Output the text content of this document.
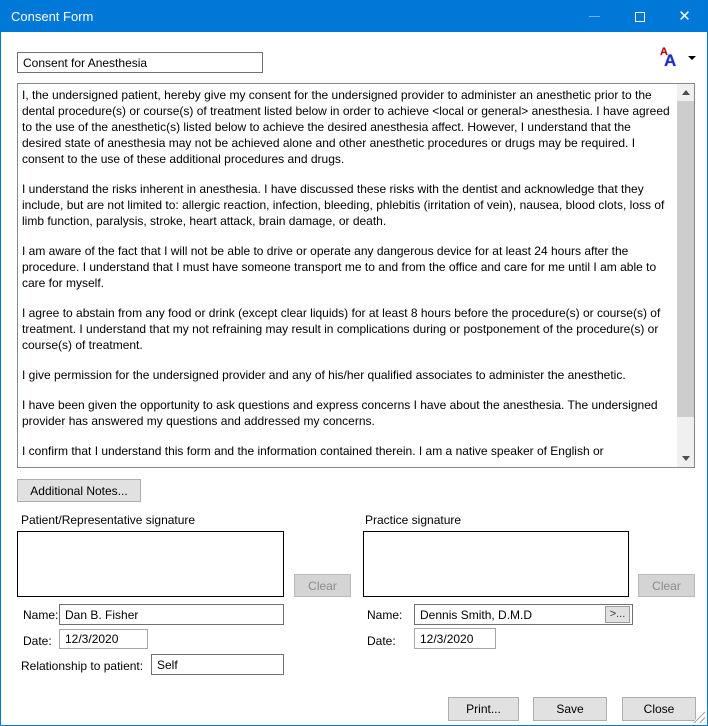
Consent Form	✕
Consent for Anesthesia
A
A

I, the undersigned patient, hereby give my consent for the undersigned provider to administer an anesthetic prior to the dental procedure(s) or course(s) of treatment listed below in order to achieve <local or general> anesthesia. I have agreed to the use of the anesthetic(s) listed below to achieve the desired anesthesia affect. However, I understand that the desired state of anesthesia may not be achieved alone and other anesthetic procedures or drugs may be required. I consent to the use of these additional procedures and drugs.

I understand the risks inherent in anesthesia. I have discussed these risks with the dentist and acknowledge that they include, but are not limited to: allergic reaction, infection, bleeding, phlebitis (irritation of vein), nausea, blood clots, loss of limb function, paralysis, stroke, heart attack, brain damage, or death.

I am aware of the fact that I will not be able to drive or operate any dangerous device for at least 24 hours after the procedure. I understand that I must have someone transport me to and from the office and care for me until I am able to care for myself.

I agree to abstain from any food or drink (except clear liquids) for at least 8 hours before the procedure(s) or course(s) of treatment. I understand that my not refraining may result in complications during or postponement of the procedure(s) or course(s) of treatment.

I give permission for the undersigned provider and any of his/her qualified associates to administer the anesthetic.

I have been given the opportunity to ask questions and express concerns I have about the anesthesia. The undersigned provider has answered my questions and addressed my concerns.

I confirm that I understand this form and the information contained therein. I am a native speaker of English or

Additional Notes...
Patient/Representative signature	Practice signature
Clear	Clear
Name:
Dan B. Fisher
Date:
12/3/2020
Name:
Dennis Smith, D.M.D	>...
Date:
12/3/2020
Relationship to patient:
Self
Print...	Save	Close
